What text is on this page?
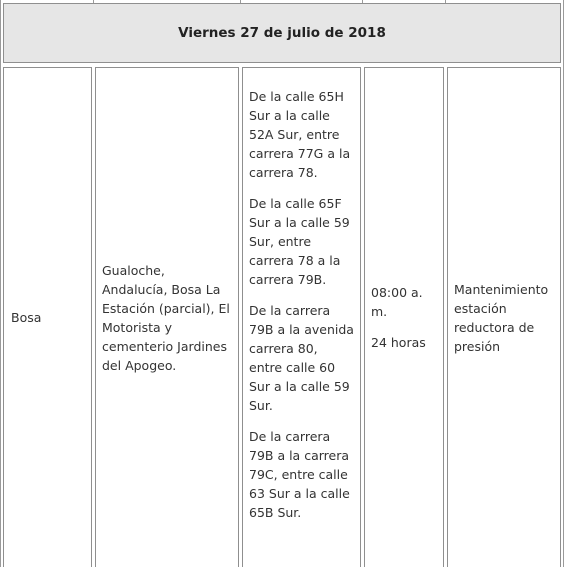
Viernes 27 de julio de 2018

Bosa

Gualoche, Andalucía, Bosa La Estación (parcial), El Motorista y cementerio Jardines del Apogeo.

De la calle 65H Sur a la calle 52A Sur, entre carrera 77G a la carrera 78.

De la calle 65F Sur a la calle 59 Sur, entre carrera 78 a la carrera 79B.

De la carrera 79B a la avenida carrera 80, entre calle 60 Sur a la calle 59 Sur.

De la carrera 79B a la carrera 79C, entre calle 63 Sur a la calle 65B Sur.

08:00 a. m.

24 horas

Mantenimiento estación reductora de presión
